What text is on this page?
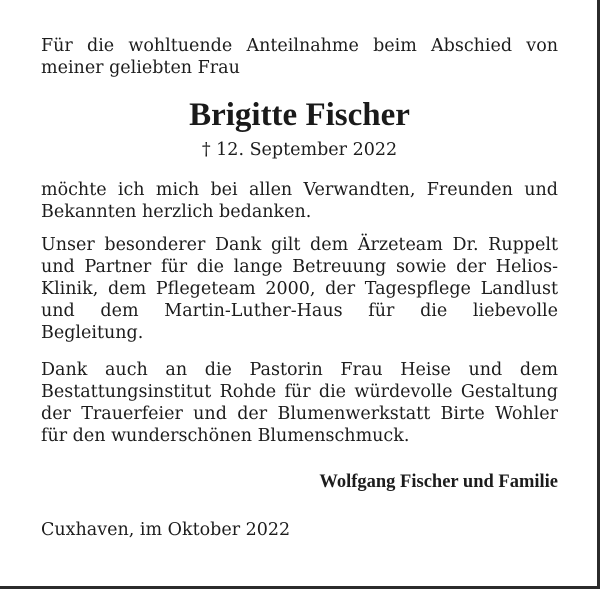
Für die wohltuende Anteilnahme beim Abschied von meiner geliebten Frau

Brigitte Fischer
† 12. September 2022

möchte ich mich bei allen Verwandten, Freunden und Bekannten herzlich bedanken.

Unser besonderer Dank gilt dem Ärzeteam Dr. Ruppelt und Partner für die lange Betreuung sowie der Helios-Klinik, dem Pflegeteam 2000, der Tagespflege Landlust und dem Martin-Luther-Haus für die liebevolle Begleitung.

Dank auch an die Pastorin Frau Heise und dem Bestattungsinstitut Rohde für die würdevolle Gestaltung der Trauerfeier und der Blumenwerkstatt Birte Wohler für den wunderschönen Blumenschmuck.

Wolfgang Fischer und Familie
Cuxhaven, im Oktober 2022
